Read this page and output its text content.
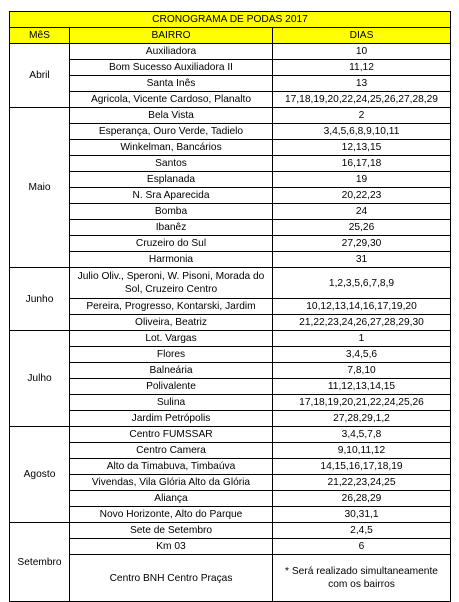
CRONOGRAMA DE PODAS 2017		
MêS	BAIRRO	DIAS
Abril	Auxiliadora	10
	Bom Sucesso Auxiliadora II	11,12
	Santa Inês	13
	Agricola, Vicente Cardoso, Planalto	17,18,19,20,22,24,25,26,27,28,29
Maio	Bela Vista	2
	Esperança, Ouro Verde, Tadielo	3,4,5,6,8,9,10,11
	Winkelman, Bancários	12,13,15
	Santos	16,17,18
	Esplanada	19
	N. Sra Aparecida	20,22,23
	Bomba	24
	Ibanêz	25,26
	Cruzeiro do Sul	27,29,30
	Harmonia	31
Junho	Julio Oliv., Speroni, W. Pisoni, Morada do Sol, Cruzeiro Centro	1,2,3,5,6,7,8,9
	Pereira, Progresso, Kontarski, Jardim	10,12,13,14,16,17,19,20
	Oliveira, Beatriz	21,22,23,24,26,27,28,29,30
Julho	Lot. Vargas	1
	Flores	3,4,5,6
	Balneária	7,8,10
	Polivalente	11,12,13,14,15
	Sulina	17,18,19,20,21,22,24,25,26
	Jardim Petrópolis	27,28,29,1,2
Agosto	Centro FUMSSAR	3,4,5,7,8
	Centro Camera	9,10,11,12
	Alto da Timabuva, Timbaúva	14,15,16,17,18,19
	Vivendas, Vila Glória Alto da Glória	21,22,23,24,25
	Aliança	26,28,29
	Novo Horizonte, Alto do Parque	30,31,1
Setembro	Sete de Setembro	2,4,5
	Km 03	6
	Centro BNH Centro Praças	* Será realizado simultaneamente com os bairros
